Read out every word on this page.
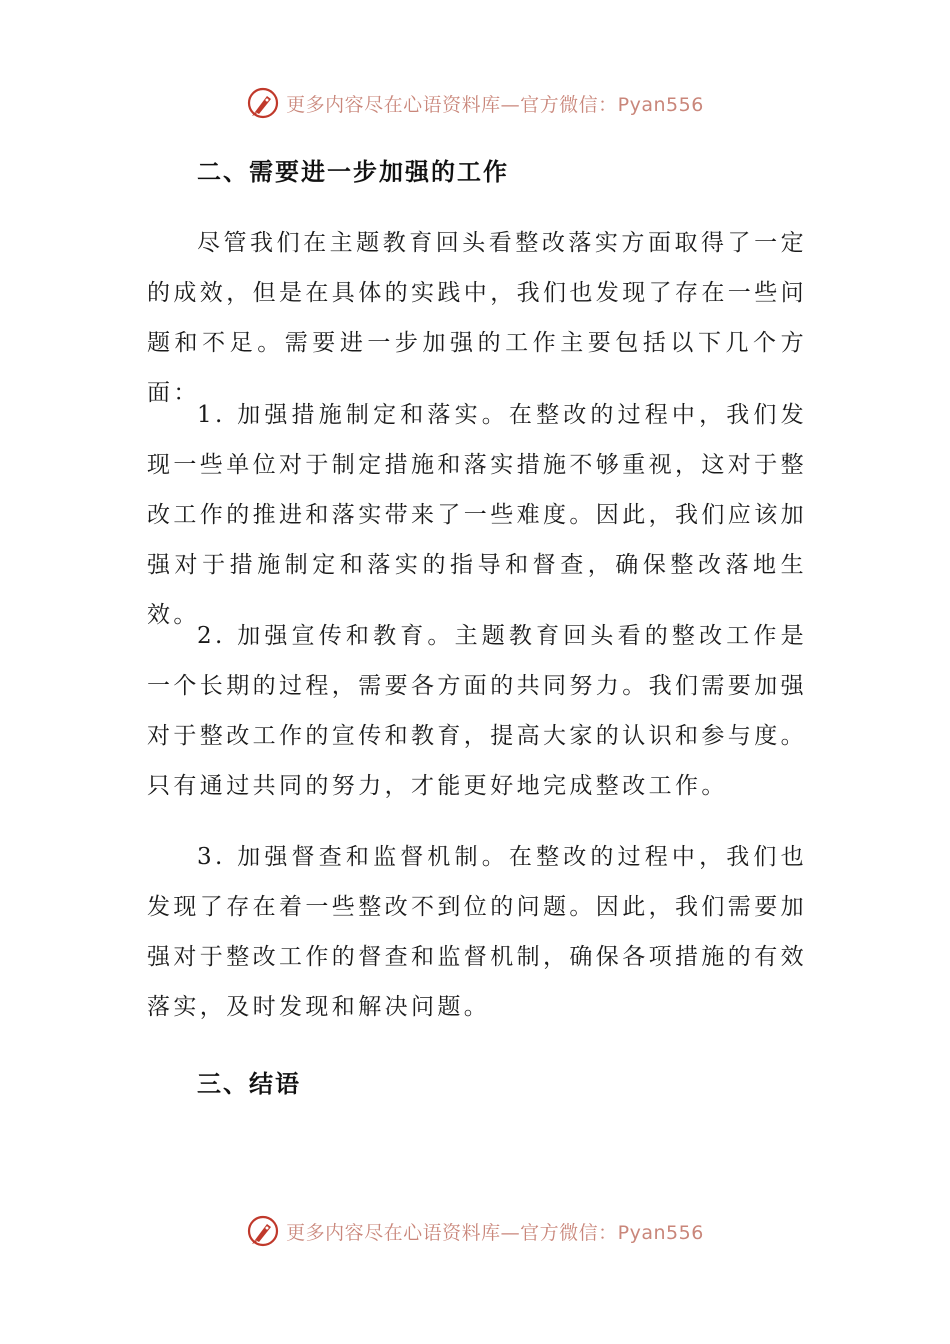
更多内容尽在心语资料库—官方微信：Pyan556
二、需要进一步加强的工作

尽管我们在主题教育回头看整改落实方面取得了一定的成效，但是在具体的实践中，我们也发现了存在一些问题和不足。需要进一步加强的工作主要包括以下几个方面：

1. 加强措施制定和落实。在整改的过程中，我们发现一些单位对于制定措施和落实措施不够重视，这对于整改工作的推进和落实带来了一些难度。因此，我们应该加强对于措施制定和落实的指导和督查，确保整改落地生效。

2. 加强宣传和教育。主题教育回头看的整改工作是一个长期的过程，需要各方面的共同努力。我们需要加强对于整改工作的宣传和教育，提高大家的认识和参与度。只有通过共同的努力，才能更好地完成整改工作。

3. 加强督查和监督机制。在整改的过程中，我们也发现了存在着一些整改不到位的问题。因此，我们需要加强对于整改工作的督查和监督机制，确保各项措施的有效落实，及时发现和解决问题。

三、结语
更多内容尽在心语资料库—官方微信：Pyan556
